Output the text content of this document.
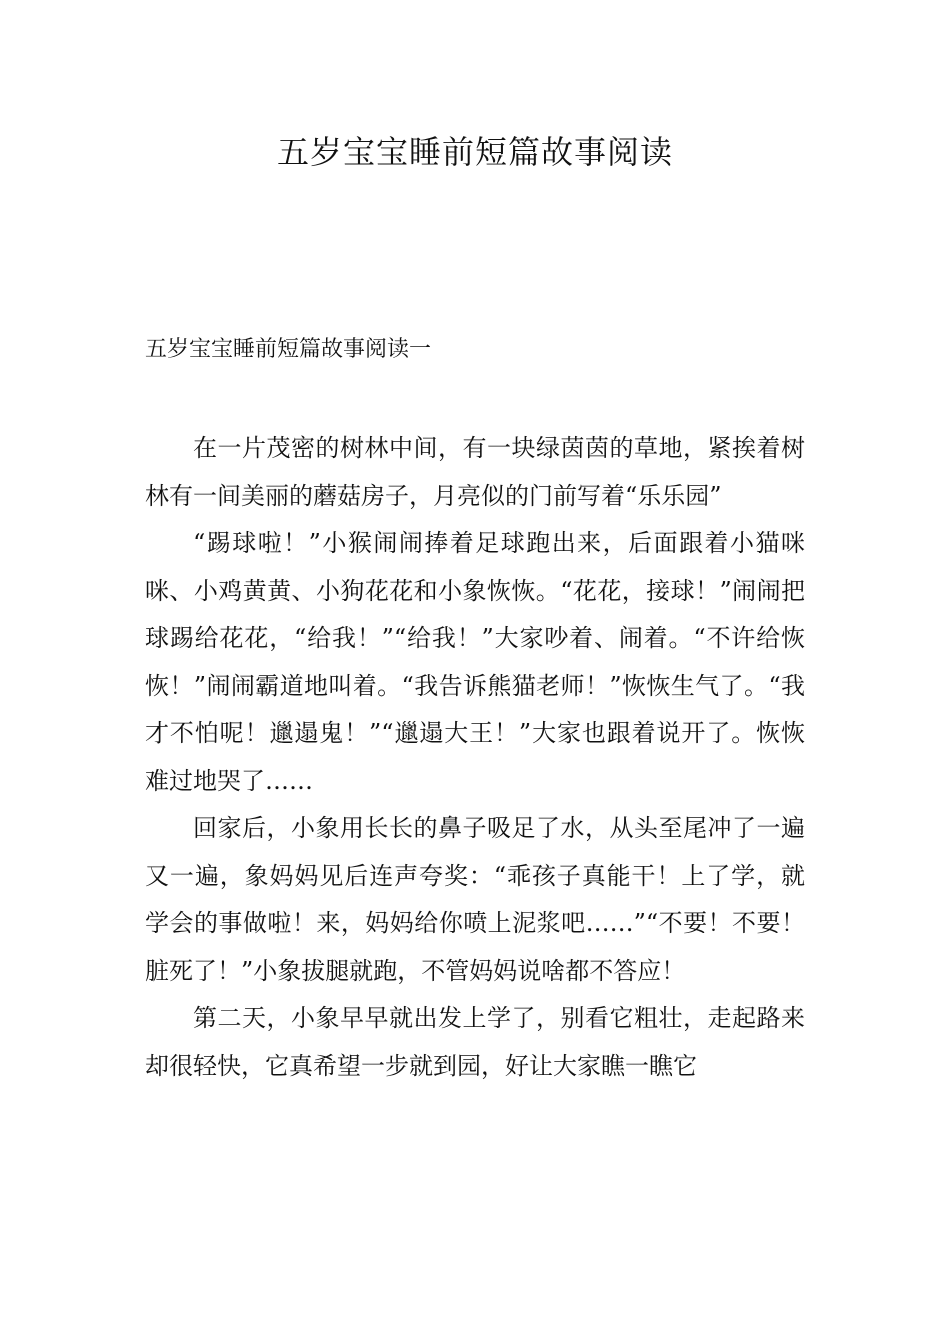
五岁宝宝睡前短篇故事阅读
五岁宝宝睡前短篇故事阅读一

在一片茂密的树林中间，有一块绿茵茵的草地，紧挨着树林有一间美丽的蘑菇房子，月亮似的门前写着“乐乐园”

“踢球啦！”小猴闹闹捧着足球跑出来，后面跟着小猫咪咪、小鸡黄黄、小狗花花和小象恢恢。“花花，接球！”闹闹把球踢给花花，“给我！”“给我！”大家吵着、闹着。“不许给恢恢！”闹闹霸道地叫着。“我告诉熊猫老师！”恢恢生气了。“我才不怕呢！邋遢鬼！”“邋遢大王！”大家也跟着说开了。恢恢难过地哭了……

回家后，小象用长长的鼻子吸足了水，从头至尾冲了一遍又一遍，象妈妈见后连声夸奖：“乖孩子真能干！上了学，就学会的事做啦！来，妈妈给你喷上泥浆吧……”“不要！不要！脏死了！”小象拔腿就跑，不管妈妈说啥都不答应！

第二天，小象早早就出发上学了，别看它粗壮，走起路来却很轻快，它真希望一步就到园，好让大家瞧一瞧它
